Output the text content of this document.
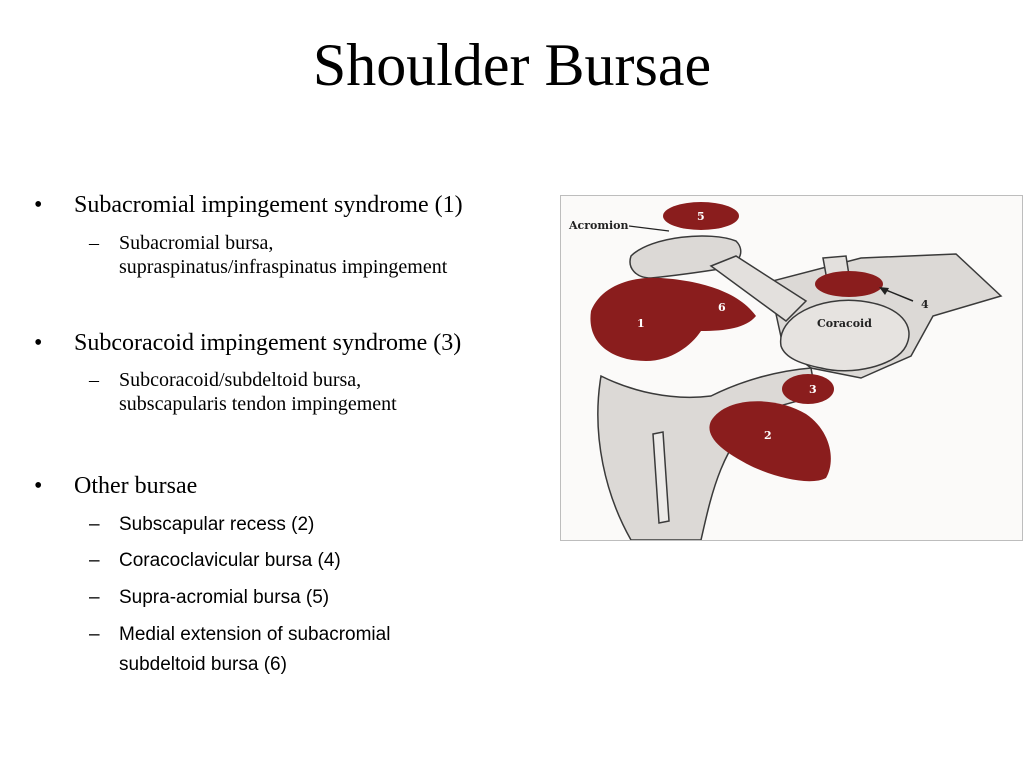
Shoulder Bursae
• Subacromial impingement syndrome (1)
– Subacromial bursa,
supraspinatus/infraspinatus impingement
• Subcoracoid impingement syndrome (3)
– Subcoracoid/subdeltoid bursa,
subscapularis tendon impingement
• Other bursae
– Subscapular recess (2)
– Coracoclavicular bursa (4)
– Supra-acromial bursa (5)
– Medial extension of subacromial
subdeltoid bursa (6)
Acromion
Coracoid
5
1
6
3
2
4
